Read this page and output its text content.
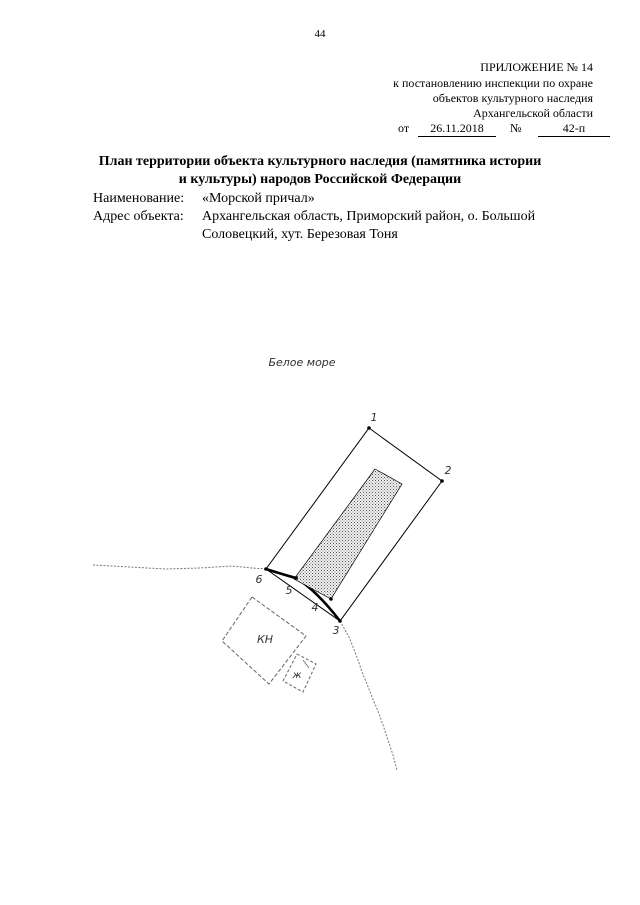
44
ПРИЛОЖЕНИЕ № 14
к постановлению инспекции по охране
объектов культурного наследия
Архангельской области
от	26.11.2018	№	42-п
План территории объекта культурного наследия (памятника истории
и культуры) народов Российской Федерации
Наименование: «Морской причал»
Адрес объекта: Архангельская область, Приморский район, о. Большой
Соловецкий, хут. Березовая Тоня
Белое море
1
2
3
4
5
6
КН
ж
